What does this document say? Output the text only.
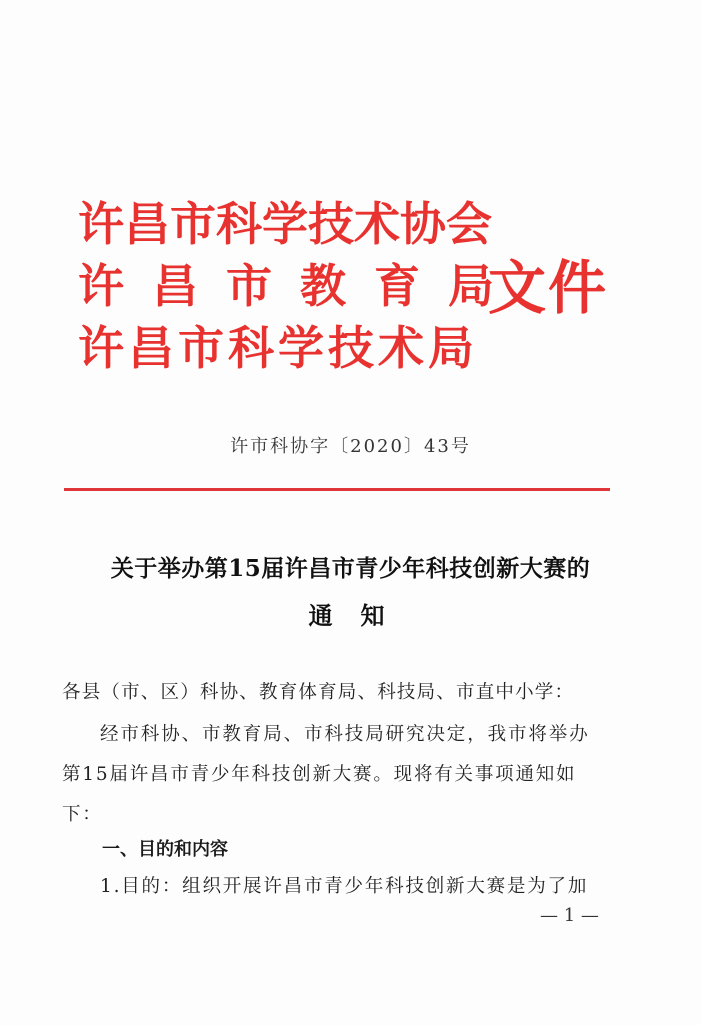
许昌市科学技术协会
许昌市教育局
许昌市科学技术局
文件
许市科协字〔2020〕43号
关于举办第15届许昌市青少年科技创新大赛的
通知
各县（市、区）科协、教育体育局、科技局、市直中小学：
经市科协、市教育局、市科技局研究决定，我市将举办
第15届许昌市青少年科技创新大赛。现将有关事项通知如
下：
一、目的和内容
1.目的：组织开展许昌市青少年科技创新大赛是为了加
— 1 —
